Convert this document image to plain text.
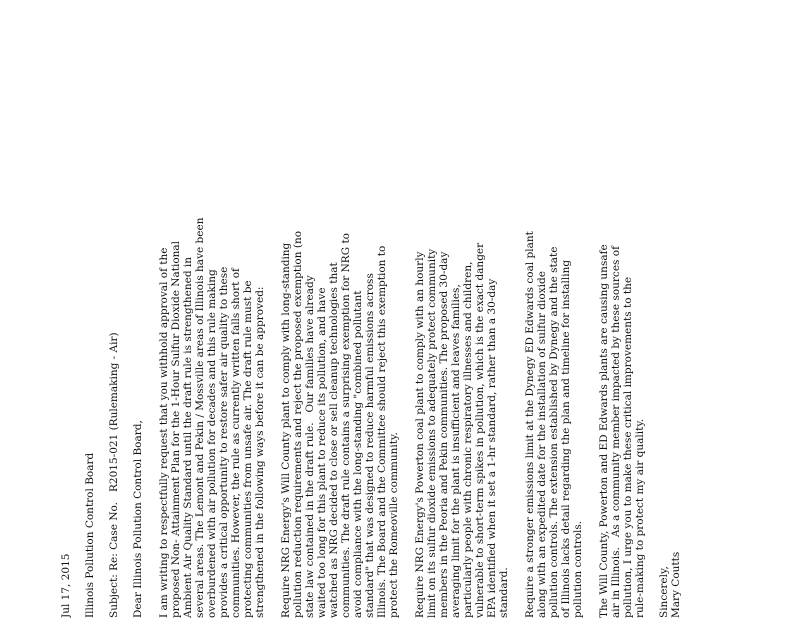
Jul 17, 2015 Illinois Pollution Control Board Subject: Re: Case No.   R2015-021 (Rulemaking - Air) Dear Illinois Pollution Control Board, I am writing to respectfully request that you withhold approval of the proposed Non- Attainment Plan for the 1-Hour Sulfur Dioxide National Ambient Air Quality Standard until the draft rule is strengthened in several areas. The Lemont and Pekin / Mossville areas of Illinois have been overburdened with air pollution for decades and this rule making provides a critical opportunity to restore safer air quality to these communities. However, the rule as currently written falls short of protecting communities from unsafe air. The draft rule must be strengthened in the following ways before it can be approved: Require NRG Energy's Will County plant to comply with long-standing pollution reduction requirements and reject the proposed exemption (no state law contained in the draft rule.   Our families have already waited too long for this plant to reduce its pollution, and have watched as NRG decided to close or sell cleanup technologies that communities. The draft rule contains a surprising exemption for NRG to avoid compliance with the long-standing "combined pollutant standard" that was designed to reduce harmful emissions across Illinois. The Board and the Committee should reject this exemption to protect the Romeoville community. Require NRG Energy's Powerton coal plant to comply with an hourly limit on its sulfur dioxide emissions to adequately protect community members in the Peoria and Pekin communities. The proposed 30-day averaging limit for the plant is insufficient and leaves families, particularly people with chronic respiratory illnesses and children, vulnerable to short-term spikes in pollution, which is the exact danger EPA identified when it set a 1-hr standard, rather than a 30-day standard. Require a stronger emissions limit at the Dynegy ED Edwards coal plant along with an expedited date for the installation of sulfur dioxide pollution controls. The extension established by Dynegy and the state of Illinois lacks detail regarding the plan and timeline for installing pollution controls. The Will County, Powerton and ED Edwards plants are causing unsafe air in Illinois.   As a community member impacted by these sources of pollution, I urge you to make these critical improvements to the rule-making to protect my air quality. Sincerely, Mary Coutts
